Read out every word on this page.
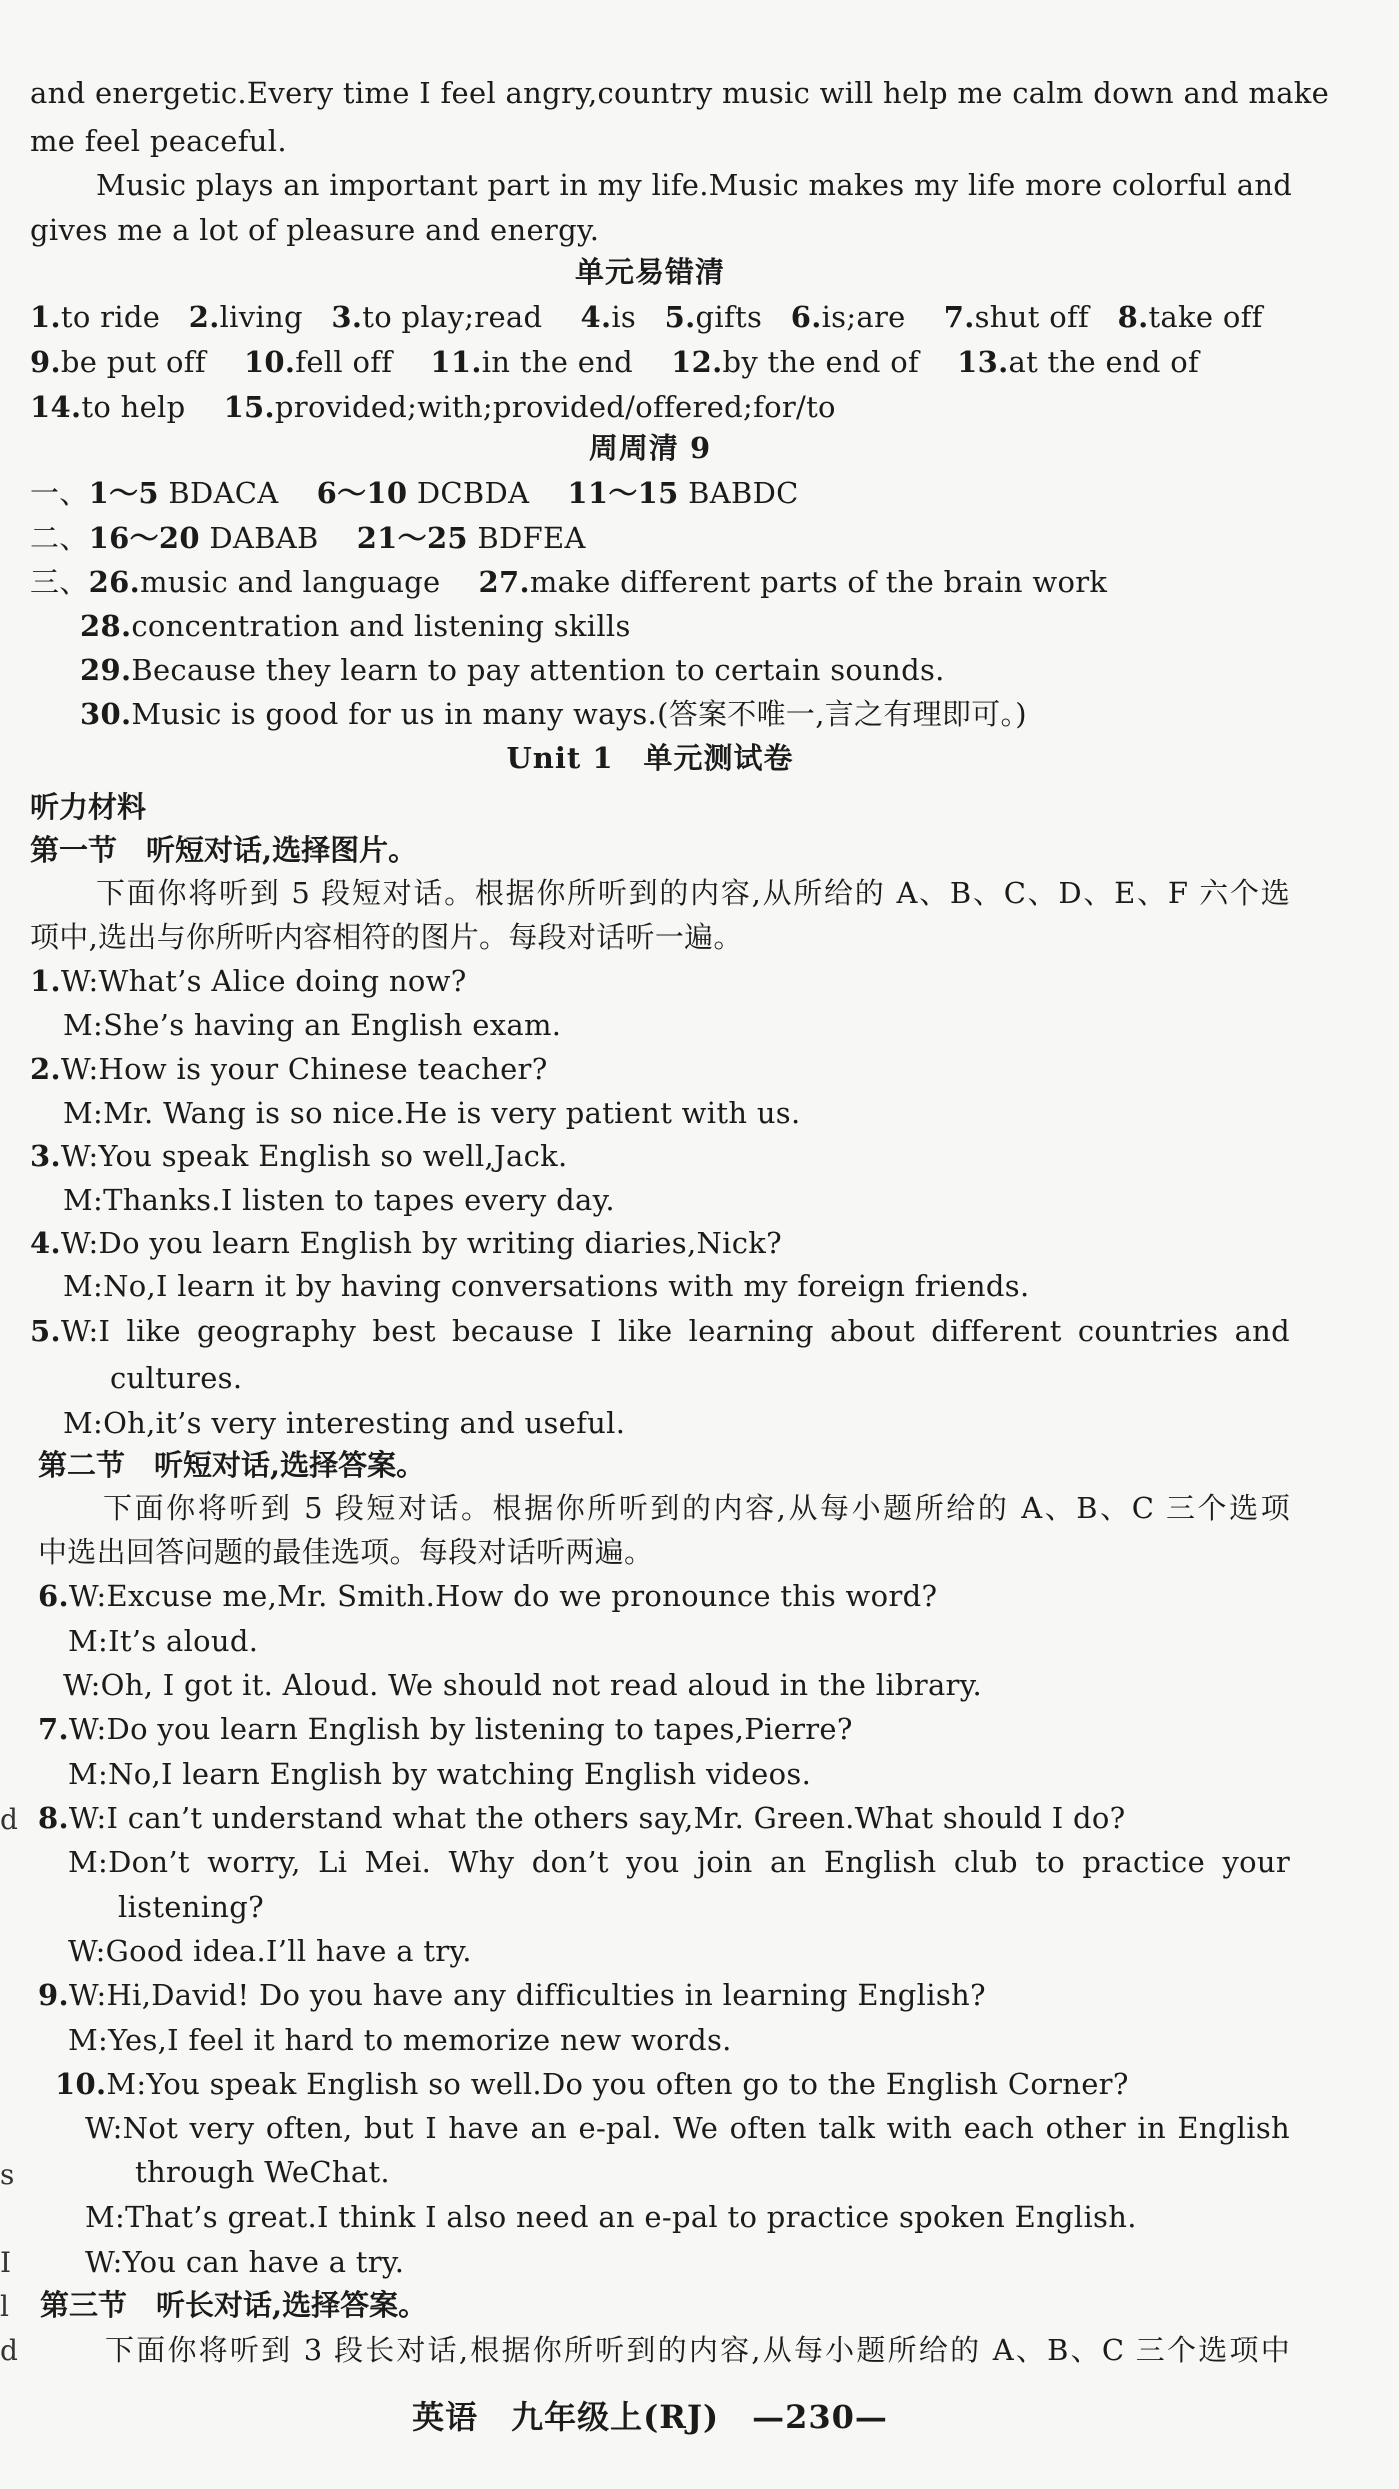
and energetic.Every time I feel angry,country music will help me calm down and make
me feel peaceful.
Music plays an important part in my life.Music makes my life more colorful and
gives me a lot of pleasure and energy.
单元易错清
1.to ride 2.living 3.to play;read 4.is 5.gifts 6.is;are 7.shut off 8.take off
9.be put off 10.fell off 11.in the end 12.by the end of 13.at the end of
14.to help 15.provided;with;provided/offered;for/to
周周清 9
一、1～5 BDACA 6～10 DCBDA 11～15 BABDC
二、16～20 DABAB 21～25 BDFEA
三、26.music and language 27.make different parts of the brain work
28.concentration and listening skills
29.Because they learn to pay attention to certain sounds.
30.Music is good for us in many ways.(答案不唯一,言之有理即可。)
Unit 1　单元测试卷
听力材料
第一节　听短对话,选择图片。
下面你将听到 5 段短对话。根据你所听到的内容,从所给的 A、B、C、D、E、F 六个选
项中,选出与你所听内容相符的图片。每段对话听一遍。
1.W:What’s Alice doing now?
M:She’s having an English exam.
2.W:How is your Chinese teacher?
M:Mr. Wang is so nice.He is very patient with us.
3.W:You speak English so well,Jack.
M:Thanks.I listen to tapes every day.
4.W:Do you learn English by writing diaries,Nick?
M:No,I learn it by having conversations with my foreign friends.
5.W:I like geography best because I like learning about different countries and
cultures.
M:Oh,it’s very interesting and useful.
第二节　听短对话,选择答案。
下面你将听到 5 段短对话。根据你所听到的内容,从每小题所给的 A、B、C 三个选项
中选出回答问题的最佳选项。每段对话听两遍。
6.W:Excuse me,Mr. Smith.How do we pronounce this word?
M:It’s aloud.
W:Oh, I got it. Aloud. We should not read aloud in the library.
7.W:Do you learn English by listening to tapes,Pierre?
M:No,I learn English by watching English videos.
8.W:I can’t understand what the others say,Mr. Green.What should I do?
M:Don’t worry, Li Mei. Why don’t you join an English club to practice your
listening?
W:Good idea.I’ll have a try.
9.W:Hi,David! Do you have any difficulties in learning English?
M:Yes,I feel it hard to memorize new words.
10.M:You speak English so well.Do you often go to the English Corner?
W:Not very often, but I have an e-pal. We often talk with each other in English
through WeChat.
M:That’s great.I think I also need an e-pal to practice spoken English.
W:You can have a try.
第三节　听长对话,选择答案。
下面你将听到 3 段长对话,根据你所听到的内容,从每小题所给的 A、B、C 三个选项中
d
s
I
l
d
英语　九年级上(RJ)　—230—
